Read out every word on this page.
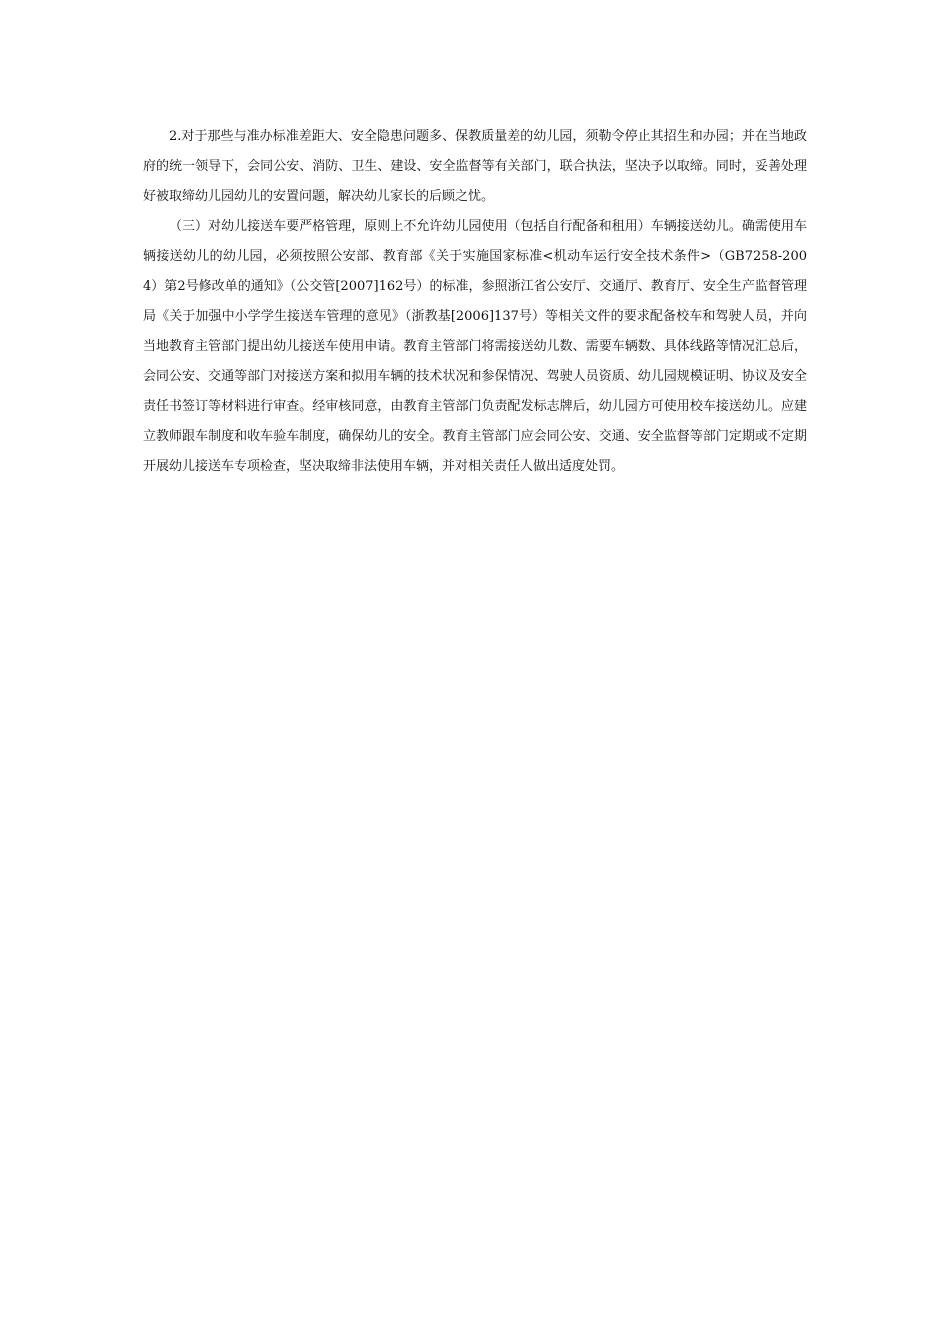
2.对于那些与准办标准差距大、安全隐患问题多、保教质量差的幼儿园，须勒令停止其招生和办园；并在当地政府的统一领导下，会同公安、消防、卫生、建设、安全监督等有关部门，联合执法，坚决予以取缔。同时，妥善处理好被取缔幼儿园幼儿的安置问题，解决幼儿家长的后顾之忧。

（三）对幼儿接送车要严格管理，原则上不允许幼儿园使用（包括自行配备和租用）车辆接送幼儿。确需使用车辆接送幼儿的幼儿园，必须按照公安部、教育部《关于实施国家标准<机动车运行安全技术条件>（GB7258-2004）第2号修改单的通知》（公交管[2007]162号）的标准，参照浙江省公安厅、交通厅、教育厅、安全生产监督管理局《关于加强中小学学生接送车管理的意见》（浙教基[2006]137号）等相关文件的要求配备校车和驾驶人员，并向当地教育主管部门提出幼儿接送车使用申请。教育主管部门将需接送幼儿数、需要车辆数、具体线路等情况汇总后，会同公安、交通等部门对接送方案和拟用车辆的技术状况和参保情况、驾驶人员资质、幼儿园规模证明、协议及安全责任书签订等材料进行审查。经审核同意，由教育主管部门负责配发标志牌后，幼儿园方可使用校车接送幼儿。应建立教师跟车制度和收车验车制度，确保幼儿的安全。教育主管部门应会同公安、交通、安全监督等部门定期或不定期开展幼儿接送车专项检查，坚决取缔非法使用车辆，并对相关责任人做出适度处罚。
